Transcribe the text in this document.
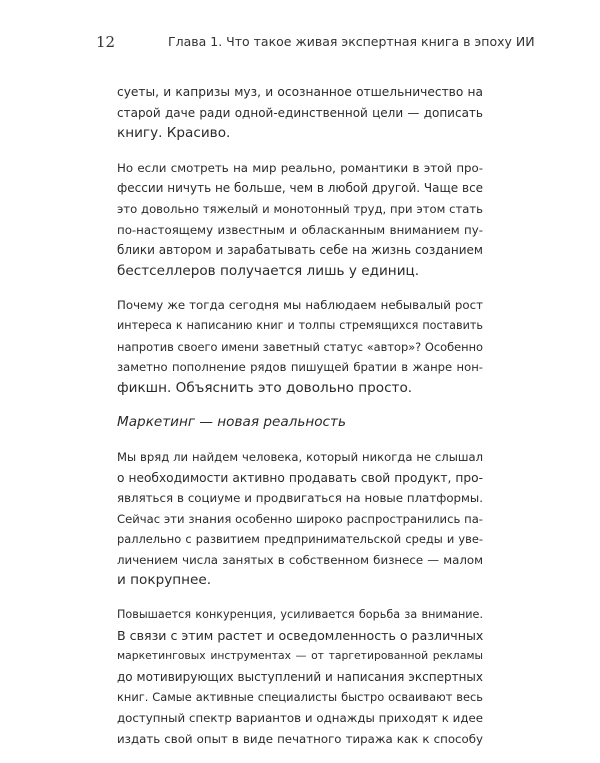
12	Глава 1. Что такое живая экспертная книга в эпоху ИИ
суеты, и капризы муз, и осознанное отшельничество на
старой даче ради одной-единственной цели — дописать
книгу. Красиво.
Но если смотреть на мир реально, романтики в этой про-
фессии ничуть не больше, чем в любой другой. Чаще все
это довольно тяжелый и монотонный труд, при этом стать
по-настоящему известным и обласканным вниманием пу-
блики автором и зарабатывать себе на жизнь созданием
бестселлеров получается лишь у единиц.
Почему же тогда сегодня мы наблюдаем небывалый рост
интереса к написанию книг и толпы стремящихся поставить
напротив своего имени заветный статус «автор»? Особенно
заметно пополнение рядов пишущей братии в жанре нон-
фикшн. Объяснить это довольно просто.
Маркетинг — новая реальность
Мы вряд ли найдем человека, который никогда не слышал
о необходимости активно продавать свой продукт, про-
являться в социуме и продвигаться на новые платформы.
Сейчас эти знания особенно широко распространились па-
раллельно с развитием предпринимательской среды и уве-
личением числа занятых в собственном бизнесе — малом
и покрупнее.
Повышается конкуренция, усиливается борьба за внимание.
В связи с этим растет и осведомленность о различных
маркетинговых инструментах — от таргетированной рекламы
до мотивирующих выступлений и написания экспертных
книг. Самые активные специалисты быстро осваивают весь
доступный спектр вариантов и однажды приходят к идее
издать свой опыт в виде печатного тиража как к способу
